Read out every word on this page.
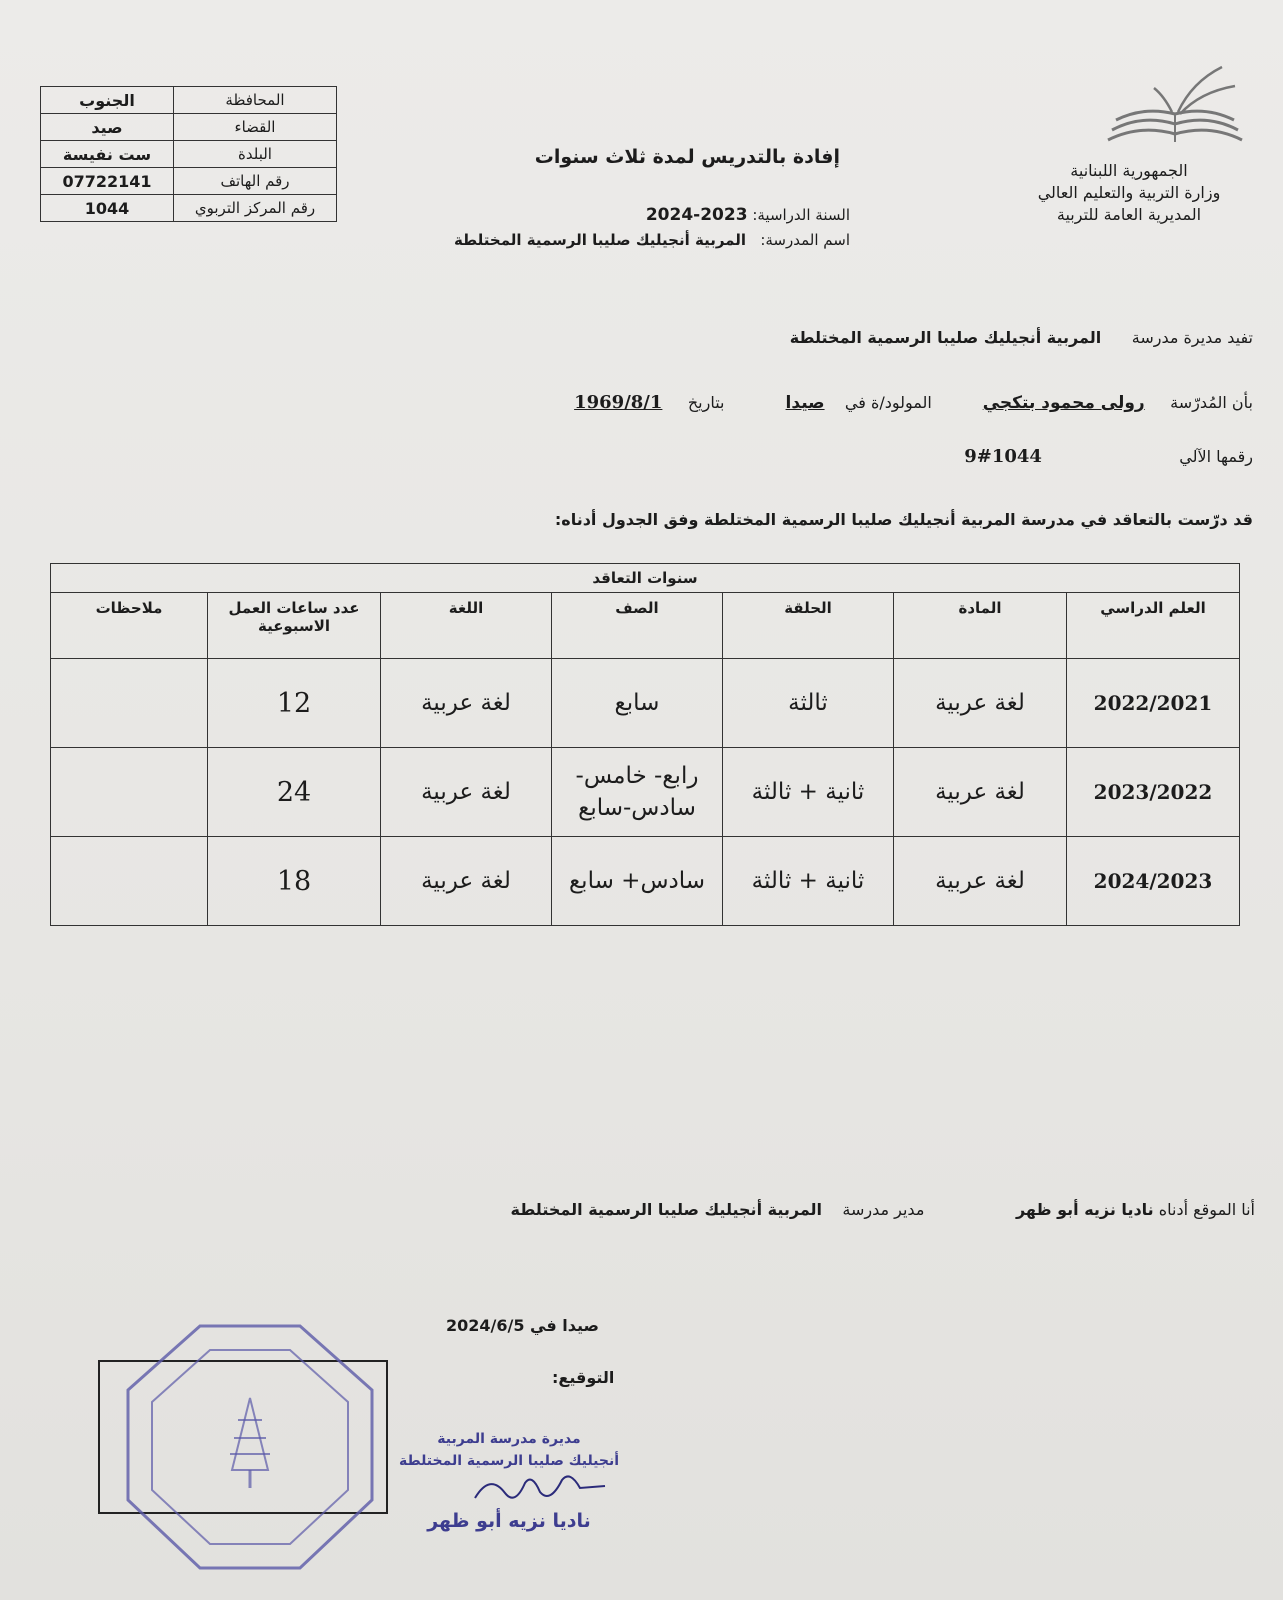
المحافظة	الجنوب
القضاء	صيد
البلدة	ست نفيسة
رقم الهاتف	07722141
رقم المركز التربوي	1044
الجمهورية اللبنانية
وزارة التربية والتعليم العالي
المديرية العامة للتربية
إفادة بالتدريس لمدة ثلاث سنوات
السنة الدراسية: 2023-2024
اسم المدرسة:   المربية أنجيليك صليبا الرسمية المختلطة
تفيد مديرة مدرسة      المربية أنجيليك صليبا الرسمية المختلطة
بأن المُدرّسة     رولى محمود بتكجي          المولود/ة في    صيدا            بتاريخ     1969/8/1
رقمها الآلي                           1044#9
قد درّست بالتعاقد في مدرسة المربية أنجيليك صليبا الرسمية المختلطة وفق الجدول أدناه:
سنوات التعاقد						
العلم الدراسي	المادة	الحلقة	الصف	اللغة	عدد ساعات العمل الاسبوعية	ملاحظات
2022/2021	لغة عربية	ثالثة	سابع	لغة عربية	12	
2023/2022	لغة عربية	ثانية + ثالثة	رابع- خامس- سادس-سابع	لغة عربية	24	
2024/2023	لغة عربية	ثانية + ثالثة	سادس+ سابع	لغة عربية	18	
أنا الموقع أدناه ناديا نزيه أبو ظهر                  مدير مدرسة    المربية أنجيليك صليبا الرسمية المختلطة
صيدا في 2024/6/5
التوقيع:
مديرة مدرسة المربية
أنجيليك صليبا الرسمية المختلطة
ناديا نزيه أبو ظهر
